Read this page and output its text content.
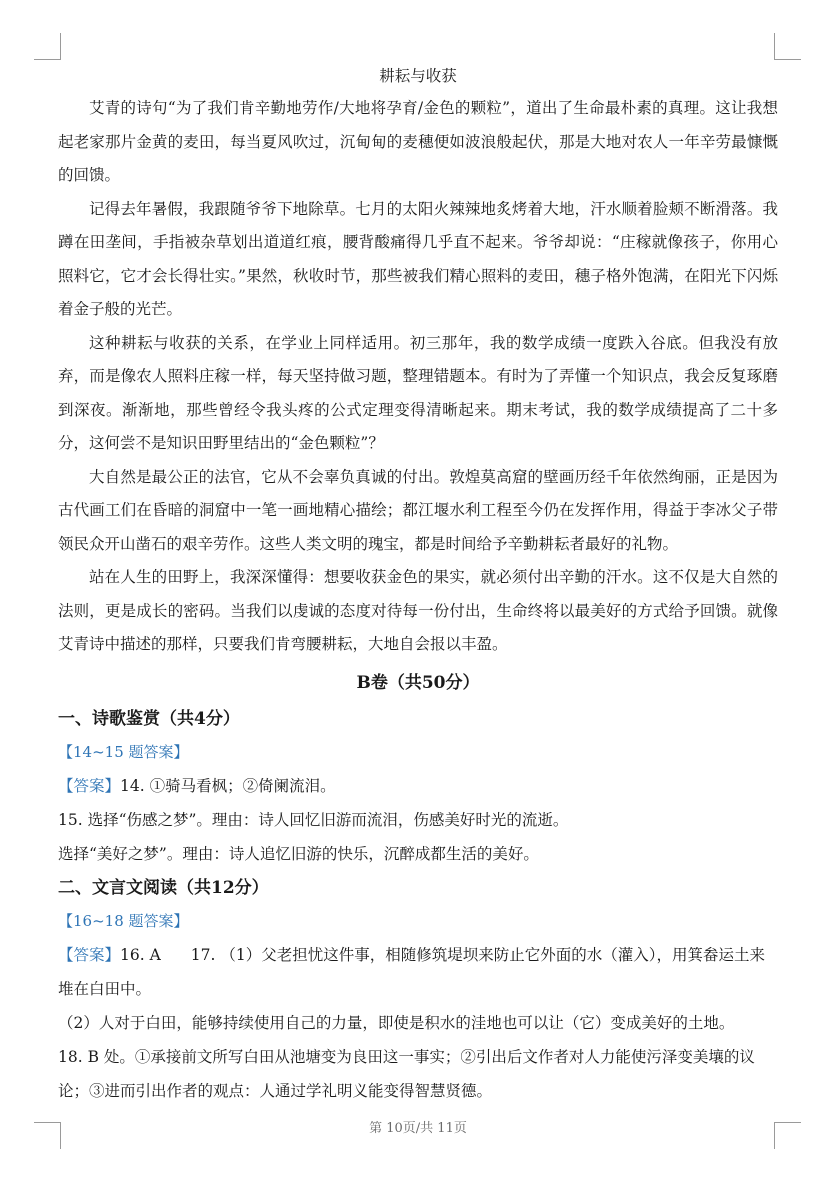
耕耘与收获

艾青的诗句“为了我们肯辛勤地劳作/大地将孕育/金色的颗粒”，道出了生命最朴素的真理。这让我想起老家那片金黄的麦田，每当夏风吹过，沉甸甸的麦穗便如波浪般起伏，那是大地对农人一年辛劳最慷慨的回馈。

记得去年暑假，我跟随爷爷下地除草。七月的太阳火辣辣地炙烤着大地，汗水顺着脸颊不断滑落。我蹲在田垄间，手指被杂草划出道道红痕，腰背酸痛得几乎直不起来。爷爷却说：“庄稼就像孩子，你用心照料它，它才会长得壮实。”果然，秋收时节，那些被我们精心照料的麦田，穗子格外饱满，在阳光下闪烁着金子般的光芒。

这种耕耘与收获的关系，在学业上同样适用。初三那年，我的数学成绩一度跌入谷底。但我没有放弃，而是像农人照料庄稼一样，每天坚持做习题，整理错题本。有时为了弄懂一个知识点，我会反复琢磨到深夜。渐渐地，那些曾经令我头疼的公式定理变得清晰起来。期末考试，我的数学成绩提高了二十多分，这何尝不是知识田野里结出的“金色颗粒”？

大自然是最公正的法官，它从不会辜负真诚的付出。敦煌莫高窟的壁画历经千年依然绚丽，正是因为古代画工们在昏暗的洞窟中一笔一画地精心描绘；都江堰水利工程至今仍在发挥作用，得益于李冰父子带领民众开山凿石的艰辛劳作。这些人类文明的瑰宝，都是时间给予辛勤耕耘者最好的礼物。

站在人生的田野上，我深深懂得：想要收获金色的果实，就必须付出辛勤的汗水。这不仅是大自然的法则，更是成长的密码。当我们以虔诚的态度对待每一份付出，生命终将以最美好的方式给予回馈。就像艾青诗中描述的那样，只要我们肯弯腰耕耘，大地自会报以丰盈。

B卷（共50分）
一、诗歌鉴赏（共4分）
【14~15 题答案】
【答案】14. ①骑马看枫；②倚阑流泪。
15. 选择“伤感之梦”。理由：诗人回忆旧游而流泪，伤感美好时光的流逝。
选择“美好之梦”。理由：诗人追忆旧游的快乐，沉醉成都生活的美好。
二、文言文阅读（共12分）
【16~18 题答案】
【答案】16. A 17. （1）父老担忧这件事，相随修筑堤坝来防止它外面的水（灌入），用箕畚运土来堆在白田中。
（2）人对于白田，能够持续使用自己的力量，即使是积水的洼地也可以让（它）变成美好的土地。
18. B 处。①承接前文所写白田从池塘变为良田这一事实；②引出后文作者对人力能使污泽变美壤的议论；③进而引出作者的观点：人通过学礼明义能变得智慧贤德。
第 10页/共 11页
